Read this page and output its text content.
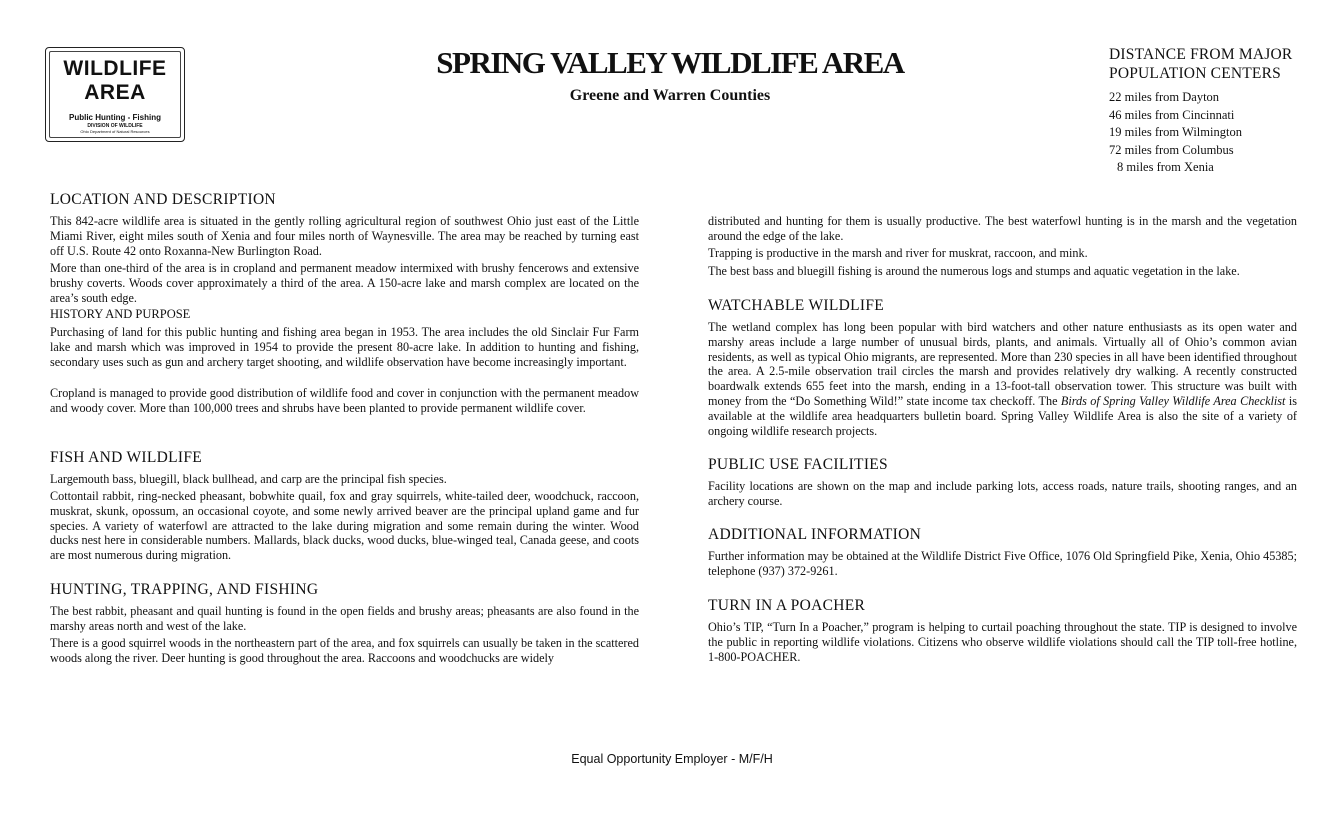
WILDLIFE
AREA
Public Hunting - Fishing
DIVISION OF WILDLIFE
Ohio Department of Natural Resources
SPRING VALLEY WILDLIFE AREA
Greene and Warren Counties
DISTANCE FROM MAJOR
POPULATION CENTERS
22 miles from Dayton
46 miles from Cincinnati
19 miles from Wilmington
72 miles from Columbus
8 miles from Xenia
LOCATION AND DESCRIPTION

This 842-acre wildlife area is situated in the gently rolling agricultural region of southwest Ohio just east of the Little Miami River, eight miles south of Xenia and four miles north of Waynesville. The area may be reached by turning east off U.S. Route 42 onto Roxanna-New Burlington Road.

More than one-third of the area is in cropland and permanent meadow intermixed with brushy fencerows and extensive brushy coverts. Woods cover approximately a third of the area. A 150-acre lake and marsh complex are located on the area’s south edge.

HISTORY AND PURPOSE

Purchasing of land for this public hunting and fishing area began in 1953. The area includes the old Sinclair Fur Farm lake and marsh which was improved in 1954 to provide the present 80-acre lake. In addition to hunting and fishing, secondary uses such as gun and archery target shooting, and wildlife observation have become increasingly important.

Cropland is managed to provide good distribution of wildlife food and cover in conjunction with the permanent meadow and woody cover. More than 100,000 trees and shrubs have been planted to provide permanent wildlife cover.

FISH AND WILDLIFE

Largemouth bass, bluegill, black bullhead, and carp are the principal fish species.

Cottontail rabbit, ring-necked pheasant, bobwhite quail, fox and gray squirrels, white-tailed deer, woodchuck, raccoon, muskrat, skunk, opossum, an occasional coyote, and some newly arrived beaver are the principal upland game and fur species. A variety of waterfowl are attracted to the lake during migration and some remain during the winter. Wood ducks nest here in considerable numbers. Mallards, black ducks, wood ducks, blue-winged teal, Canada geese, and coots are most numerous during migration.

HUNTING, TRAPPING, AND FISHING

The best rabbit, pheasant and quail hunting is found in the open fields and brushy areas; pheasants are also found in the marshy areas north and west of the lake.

There is a good squirrel woods in the northeastern part of the area, and fox squirrels can usually be taken in the scattered woods along the river. Deer hunting is good throughout the area. Raccoons and woodchucks are widely

distributed and hunting for them is usually productive. The best waterfowl hunting is in the marsh and the vegetation around the edge of the lake.

Trapping is productive in the marsh and river for muskrat, raccoon, and mink.

The best bass and bluegill fishing is around the numerous logs and stumps and aquatic vegetation in the lake.

WATCHABLE WILDLIFE

The wetland complex has long been popular with bird watchers and other nature enthusiasts as its open water and marshy areas include a large number of unusual birds, plants, and animals. Virtually all of Ohio’s common avian residents, as well as typical Ohio migrants, are represented. More than 230 species in all have been identified throughout the area. A 2.5-mile observation trail circles the marsh and provides relatively dry walking. A recently constructed boardwalk extends 655 feet into the marsh, ending in a 13-foot-tall observation tower. This structure was built with money from the “Do Something Wild!” state income tax checkoff. The Birds of Spring Valley Wildlife Area Checklist is available at the wildlife area headquarters bulletin board. Spring Valley Wildlife Area is also the site of a variety of ongoing wildlife research projects.

PUBLIC USE FACILITIES

Facility locations are shown on the map and include parking lots, access roads, nature trails, shooting ranges, and an archery course.

ADDITIONAL INFORMATION

Further information may be obtained at the Wildlife District Five Office, 1076 Old Springfield Pike, Xenia, Ohio 45385; telephone (937) 372-9261.

TURN IN A POACHER

Ohio’s TIP, “Turn In a Poacher,” program is helping to curtail poaching throughout the state. TIP is designed to involve the public in reporting wildlife violations. Citizens who observe wildlife violations should call the TIP toll-free hotline, 1-800-POACHER.

Equal Opportunity Employer - M/F/H
